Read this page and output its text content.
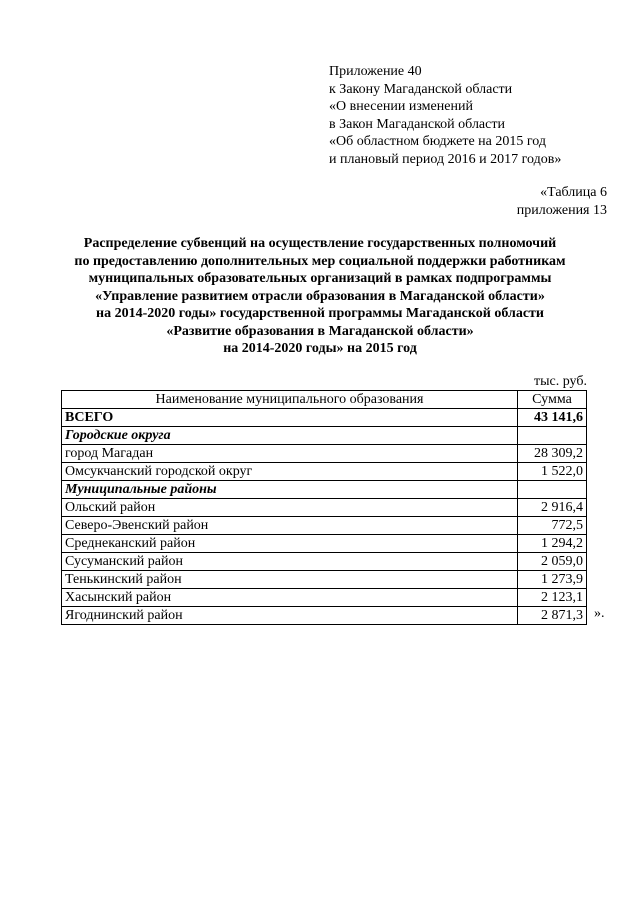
Приложение 40
к Закону Магаданской области
«О внесении изменений
в Закон Магаданской области
«Об областном бюджете на 2015 год
и плановый период 2016 и 2017 годов»
«Таблица 6
приложения 13
Распределение субвенций на осуществление государственных полномочий
по предоставлению дополнительных мер социальной поддержки работникам
муниципальных образовательных организаций в рамках подпрограммы
«Управление развитием отрасли образования в Магаданской области»
на 2014-2020 годы» государственной программы Магаданской области
«Развитие образования в Магаданской области»
на 2014-2020 годы» на 2015 год
тыс. руб.
Наименование муниципального образования	Сумма
ВСЕГО	43 141,6
Городские округа	
город Магадан	28 309,2
Омсукчанский городской округ	1 522,0
Муниципальные районы	
Ольский район	2 916,4
Северо-Эвенский район	772,5
Среднеканский район	1 294,2
Сусуманский район	2 059,0
Тенькинский район	1 273,9
Хасынский район	2 123,1
Ягоднинский район	2 871,3 ».
